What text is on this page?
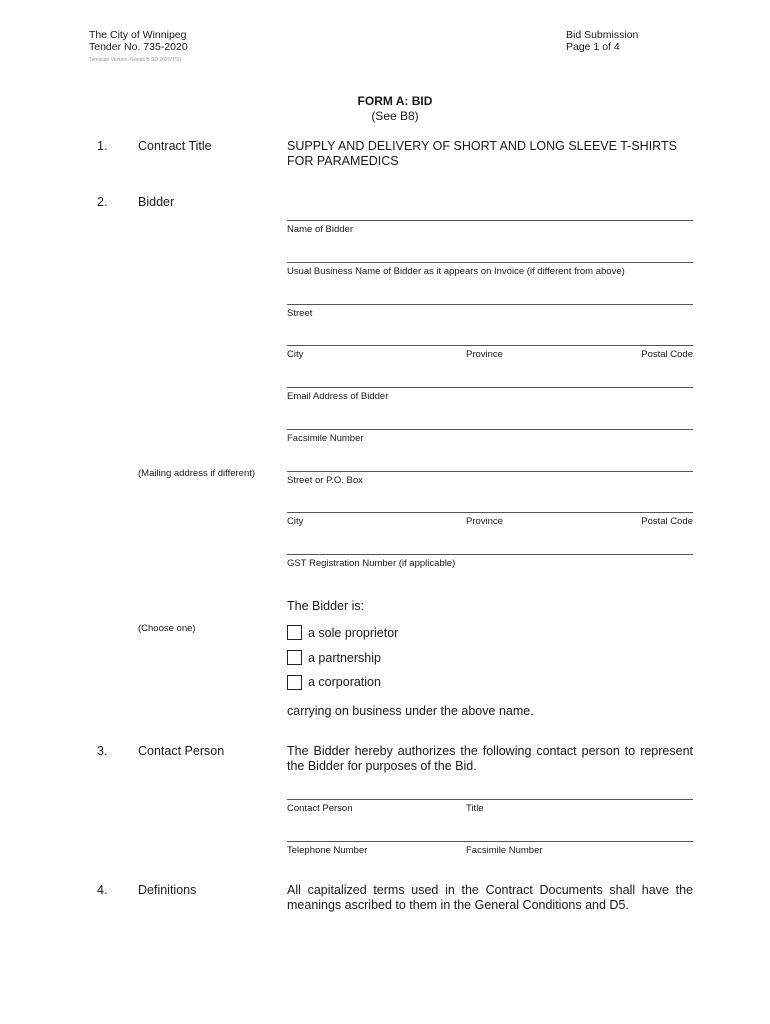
The City of Winnipeg
Tender No. 735-2020
Template Version: Goods B SD 2020/7/31
Bid Submission
Page 1 of 4
FORM A: BID
(See B8)
1. Contract Title	SUPPLY AND DELIVERY OF SHORT AND LONG SLEEVE T-SHIRTS
FOR PARAMEDICS
2. Bidder
Name of Bidder
Usual Business Name of Bidder as it appears on Invoice (if different from above)
Street
City	Province	Postal Code
Email Address of Bidder
Facsimile Number
(Mailing address if different)
Street or P.O. Box
City	Province	Postal Code
GST Registration Number (if applicable)
The Bidder is:
(Choose one)	a sole proprietor
a partnership
a corporation
carrying on business under the above name.
3. Contact Person	The Bidder hereby authorizes the following contact person to represent
the Bidder for purposes of the Bid.
Contact Person	Title
Telephone Number	Facsimile Number
4. Definitions	All capitalized terms used in the Contract Documents shall have the
meanings ascribed to them in the General Conditions and D5.
